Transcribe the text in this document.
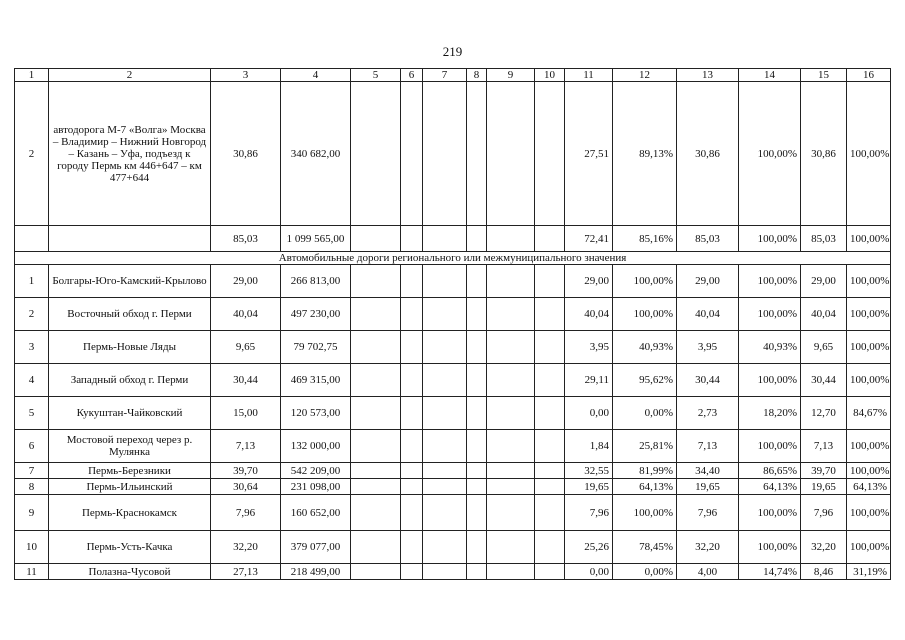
219
1	2	3	4	5	6	7	8	9	10	11	12	13	14	15	16
2	автодорога М-7 «Волга» Москва – Владимир – Нижний Новгород – Казань – Уфа, подъезд к городу Пермь км 446+647 – км 477+644	30,86	340 682,00							27,51	89,13%	30,86	100,00%	30,86	100,00%
		85,03	1 099 565,00							72,41	85,16%	85,03	100,00%	85,03	100,00%
Автомобильные дороги регионального или межмуниципального значения															
1	Болгары-Юго-Камский-Крылово	29,00	266 813,00							29,00	100,00%	29,00	100,00%	29,00	100,00%
2	Восточный обход г. Перми	40,04	497 230,00							40,04	100,00%	40,04	100,00%	40,04	100,00%
3	Пермь-Новые Ляды	9,65	79 702,75							3,95	40,93%	3,95	40,93%	9,65	100,00%
4	Западный обход г. Перми	30,44	469 315,00							29,11	95,62%	30,44	100,00%	30,44	100,00%
5	Кукуштан-Чайковский	15,00	120 573,00							0,00	0,00%	2,73	18,20%	12,70	84,67%
6	Мостовой переход через р. Мулянка	7,13	132 000,00							1,84	25,81%	7,13	100,00%	7,13	100,00%
7	Пермь-Березники	39,70	542 209,00							32,55	81,99%	34,40	86,65%	39,70	100,00%
8	Пермь-Ильинский	30,64	231 098,00							19,65	64,13%	19,65	64,13%	19,65	64,13%
9	Пермь-Краснокамск	7,96	160 652,00							7,96	100,00%	7,96	100,00%	7,96	100,00%
10	Пермь-Усть-Качка	32,20	379 077,00							25,26	78,45%	32,20	100,00%	32,20	100,00%
11	Полазна-Чусовой	27,13	218 499,00							0,00	0,00%	4,00	14,74%	8,46	31,19%
